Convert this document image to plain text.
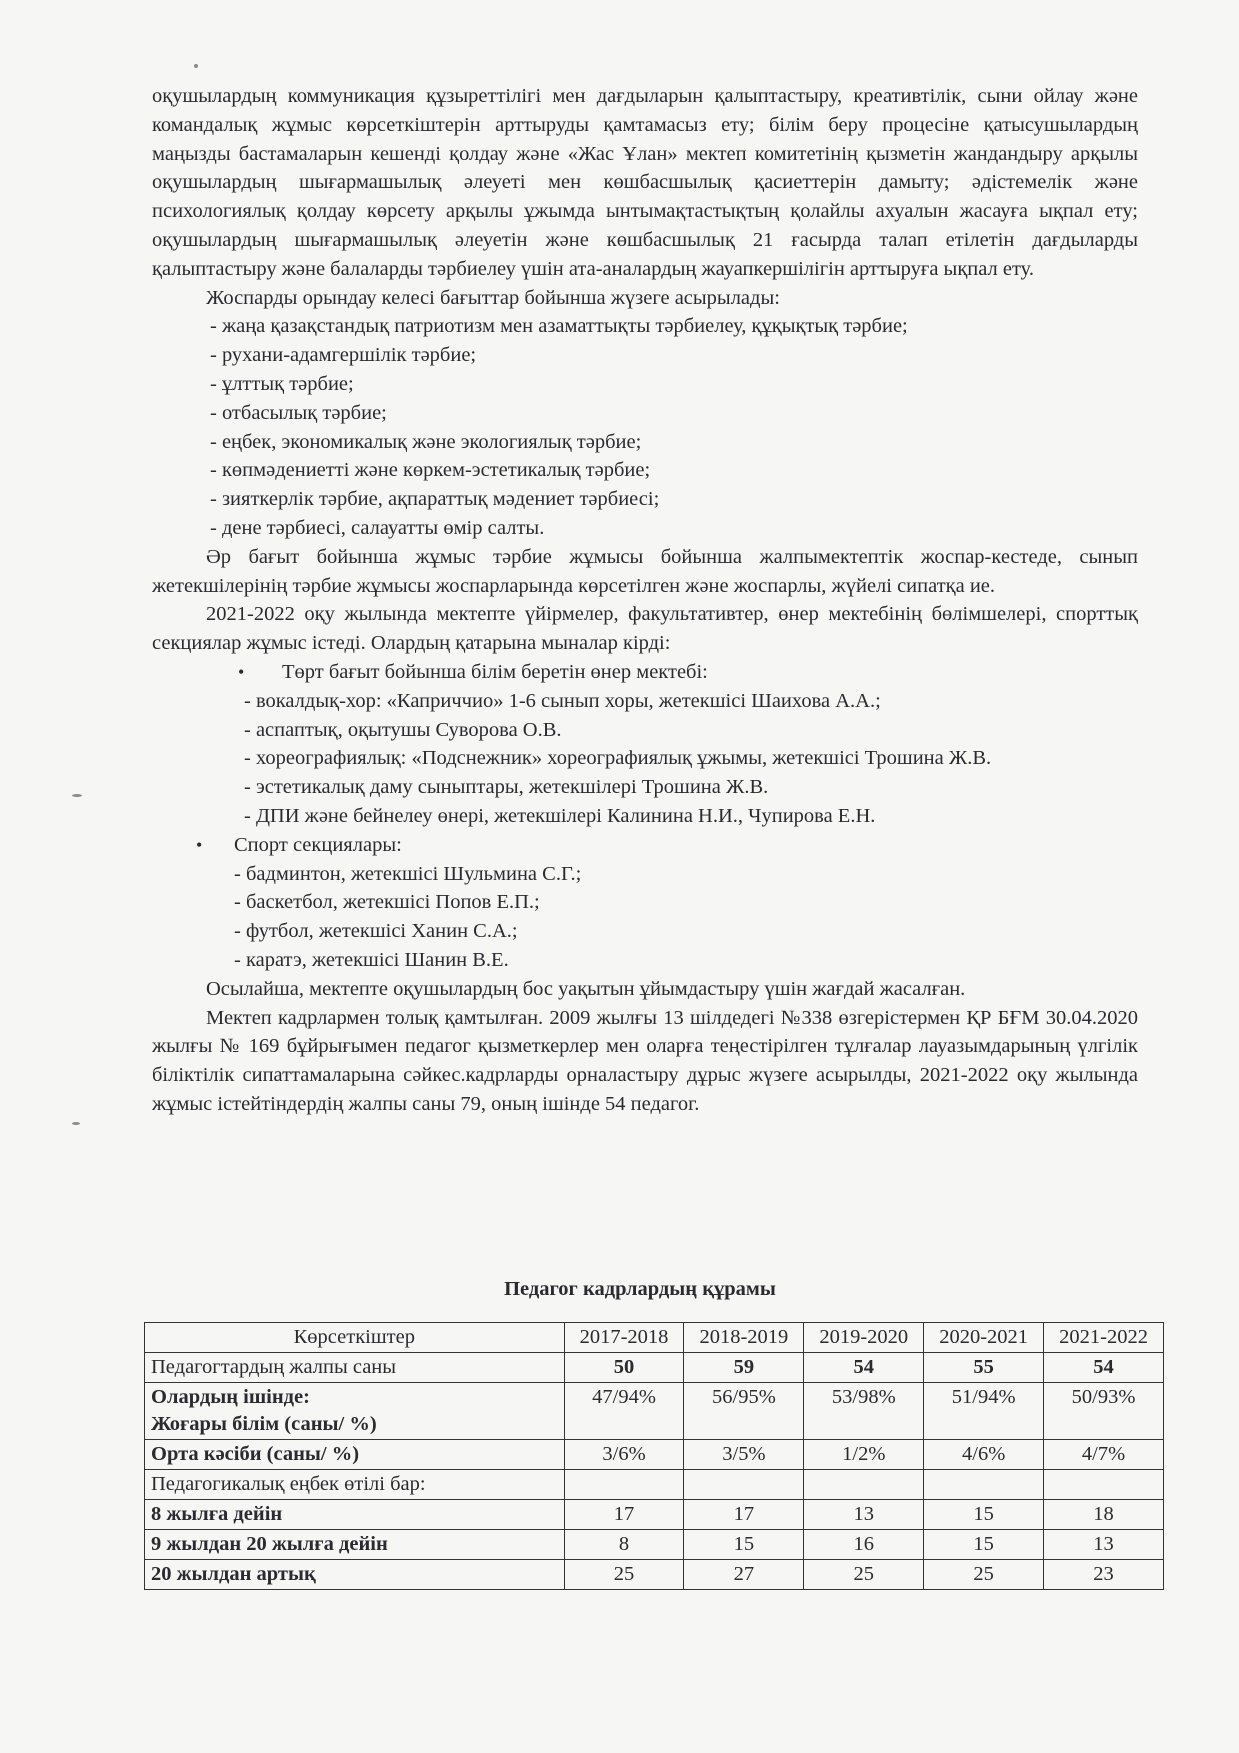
оқушылардың коммуникация құзыреттілігі мен дағдыларын қалыптастыру, креативтілік, сыни ойлау және командалық жұмыс көрсеткіштерін арттыруды қамтамасыз ету; білім беру процесіне қатысушылардың маңызды бастамаларын кешенді қолдау және «Жас Ұлан» мектеп комитетінің қызметін жандандыру арқылы оқушылардың шығармашылық әлеуеті мен көшбасшылық қасиеттерін дамыту; әдістемелік және психологиялық қолдау көрсету арқылы ұжымда ынтымақтастықтың қолайлы ахуалын жасауға ықпал ету; оқушылардың шығармашылық әлеуетін және көшбасшылық 21 ғасырда талап етілетін дағдыларды қалыптастыру және балаларды тәрбиелеу үшін ата-аналардың жауапкершілігін арттыруға ықпал ету.

Жоспарды орындау келесі бағыттар бойынша жүзеге асырылады:

- жаңа қазақстандық патриотизм мен азаматтықты тәрбиелеу, құқықтық тәрбие;

- рухани-адамгершілік тәрбие;

- ұлттық тәрбие;

- отбасылық тәрбие;

- еңбек, экономикалық және экологиялық тәрбие;

- көпмәдениетті және көркем-эстетикалық тәрбие;

- зияткерлік тәрбие, ақпараттық мәдениет тәрбиесі;

- дене тәрбиесі, салауатты өмір салты.

Әр бағыт бойынша жұмыс тәрбие жұмысы бойынша жалпымектептік жоспар-кестеде, сынып жетекшілерінің тәрбие жұмысы жоспарларында көрсетілген және жоспарлы, жүйелі сипатқа ие.

2021-2022 оқу жылында мектепте үйірмелер, факультативтер, өнер мектебінің бөлімшелері, спорттық секциялар жұмыс істеді. Олардың қатарына мыналар кірді:

• Төрт бағыт бойынша білім беретін өнер мектебі:

- вокалдық-хор: «Каприччио» 1-6 сынып хоры, жетекшісі Шаихова А.А.;

- аспаптық, оқытушы Суворова О.В.

- хореографиялық: «Подснежник» хореографиялық ұжымы, жетекшісі Трошина Ж.В.

- эстетикалық даму сыныптары, жетекшілері Трошина Ж.В.

- ДПИ және бейнелеу өнері, жетекшілері Калинина Н.И., Чупирова Е.Н.

• Спорт секциялары:

- бадминтон, жетекшісі Шульмина С.Г.;

- баскетбол, жетекшісі Попов Е.П.;

- футбол, жетекшісі Ханин С.А.;

- каратэ, жетекшісі Шанин В.Е.

Осылайша, мектепте оқушылардың бос уақытын ұйымдастыру үшін жағдай жасалған.

Мектеп кадрлармен толық қамтылған. 2009 жылғы 13 шілдедегі №338 өзгерістермен ҚР БҒМ 30.04.2020 жылғы № 169 бұйрығымен педагог қызметкерлер мен оларға теңестірілген тұлғалар лауазымдарының үлгілік біліктілік сипаттамаларына сәйкес.кадрларды орналастыру дұрыс жүзеге асырылды, 2021-2022 оқу жылында жұмыс істейтіндердің жалпы саны 79, оның ішінде 54 педагог.

Педагог кадрлардың құрамы
Көрсеткіштер	2017-2018	2018-2019	2019-2020	2020-2021	2021-2022
Педагогтардың жалпы саны	50	59	54	55	54

Олардың ішінде:
Жоғары білім (саны/ %)	47/94%	56/95%	53/98%	51/94%	50/93%
Орта кәсіби (саны/ %)	3/6%	3/5%	1/2%	4/6%	4/7%
Педагогикалық еңбек өтілі бар:					
8 жылға дейін	17	17	13	15	18
9 жылдан 20 жылға дейін	8	15	16	15	13
20 жылдан артық	25	27	25	25	23
